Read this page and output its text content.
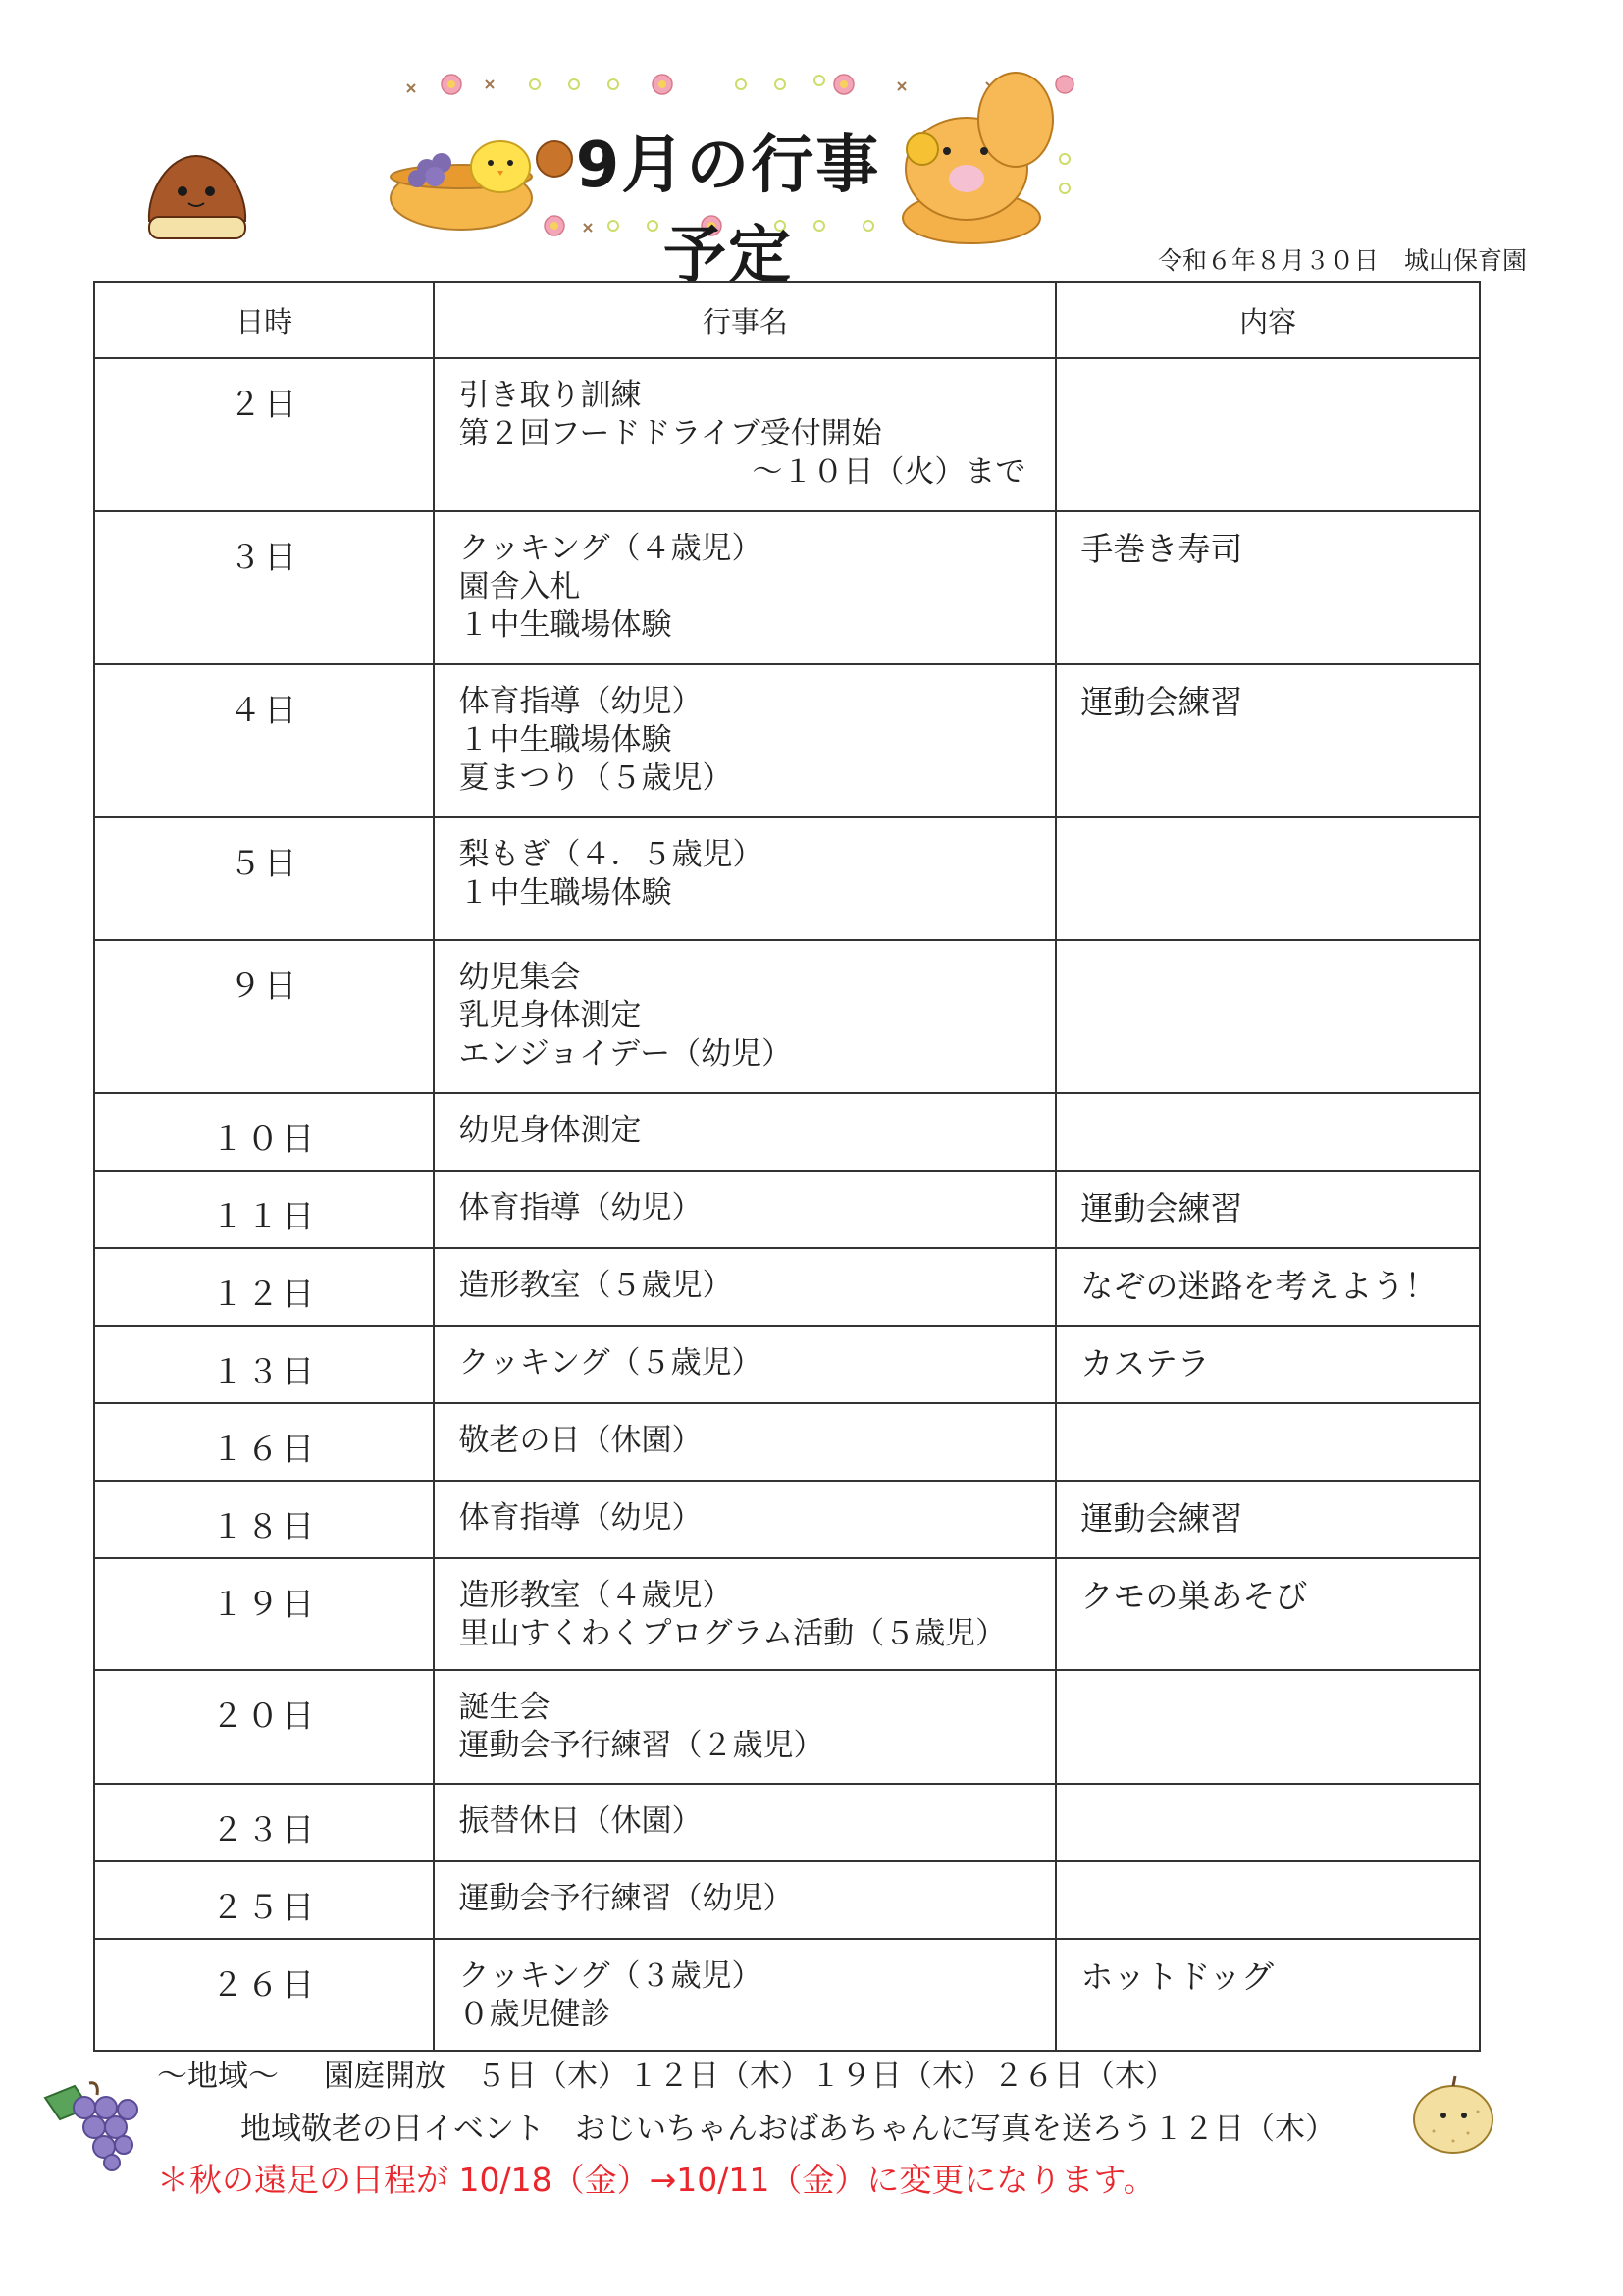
9月の行事予定	令和６年８月３０日 城山保育園
日時	行事名	内容
２日	引き取り訓練
第２回フードドライブ受付開始
～１０日（火）まで	

３日	クッキング（４歳児）
園舎入札
１中生職場体験	手巻き寿司
４日	体育指導（幼児）
１中生職場体験
夏まつり（５歳児）	運動会練習
５日	梨もぎ（４．５歳児）
１中生職場体験	

９日	幼児集会
乳児身体測定
エンジョイデー（幼児）	

１０日	幼児身体測定	

１１日	体育指導（幼児）	運動会練習
１２日	造形教室（５歳児）	なぞの迷路を考えよう！
１３日	クッキング（５歳児）	カステラ
１６日	敬老の日（休園）	

１８日	体育指導（幼児）	運動会練習
１９日	造形教室（４歳児）
里山すくわくプログラム活動（５歳児）	クモの巣あそび
２０日	誕生会
運動会予行練習（２歳児）	

２３日	振替休日（休園）	

２５日	運動会予行練習（幼児）	

２６日	クッキング（３歳児）
０歳児健診	ホットドッグ
～地域～ 園庭開放　５日（木）１２日（木）１９日（木）２６日（木）
地域敬老の日イベント　おじいちゃんおばあちゃんに写真を送ろう１２日（木）
＊秋の遠足の日程が 10/18（金）→10/11（金）に変更になります。
